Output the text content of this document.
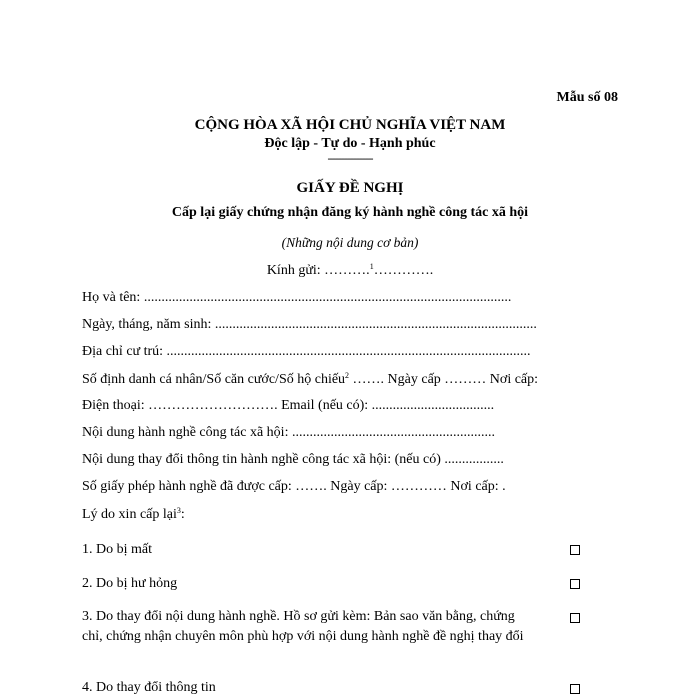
Mẫu số 08
CỘNG HÒA XÃ HỘI CHỦ NGHĨA VIỆT NAM
Độc lập - Tự do - Hạnh phúc
---------------
GIẤY ĐỀ NGHỊ
Cấp lại giấy chứng nhận đăng ký hành nghề công tác xã hội
(Những nội dung cơ bản)
Kính gửi: ……….$^1$………….
Họ và tên: .........................................................................................................
Ngày, tháng, năm sinh: ............................................................................................
Địa chỉ cư trú: ........................................................................................................
Số định danh cá nhân/Số căn cước/Số hộ chiếu$^2$ ……. Ngày cấp ……… Nơi cấp:
Điện thoại: ………………………. Email (nếu có): ...................................
Nội dung hành nghề công tác xã hội: ..........................................................
Nội dung thay đổi thông tin hành nghề công tác xã hội: (nếu có) .................
Số giấy phép hành nghề đã được cấp: ……. Ngày cấp: ………… Nơi cấp: .
Lý do xin cấp lại$^3$:
1. Do bị mất
2. Do bị hư hỏng
3. Do thay đổi nội dung hành nghề. Hồ sơ gửi kèm: Bản sao văn bằng, chứng chỉ, chứng nhận chuyên môn phù hợp với nội dung hành nghề đề nghị thay đổi
4. Do thay đổi thông tin
